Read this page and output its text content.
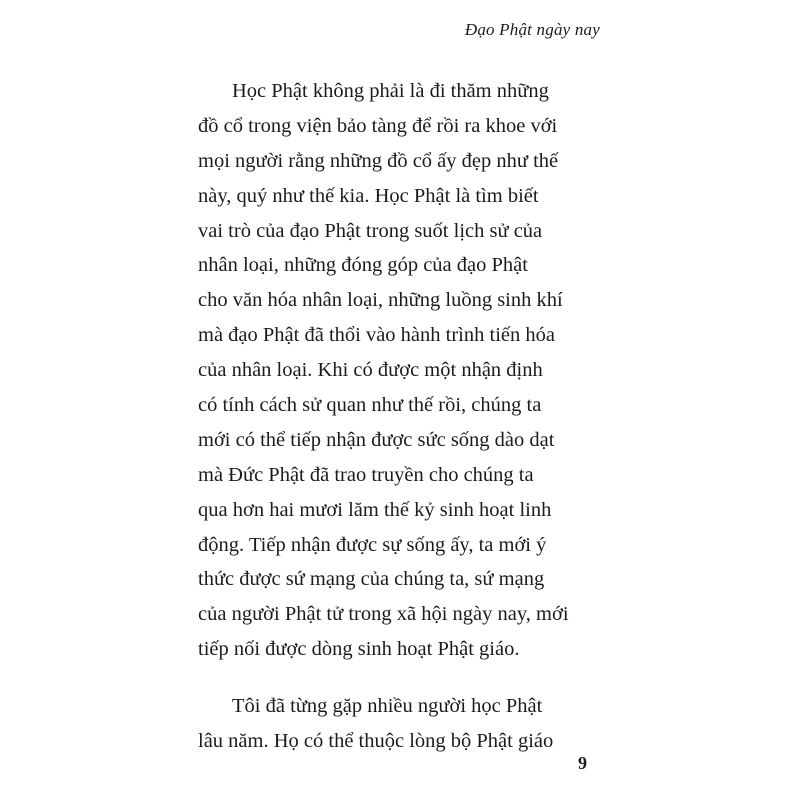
Đạo Phật ngày nay
Học Phật không phải là đi thăm những
đồ cổ trong viện bảo tàng để rồi ra khoe với
mọi người rằng những đồ cổ ấy đẹp như thế
này, quý như thế kia. Học Phật là tìm biết
vai trò của đạo Phật trong suốt lịch sử của
nhân loại, những đóng góp của đạo Phật
cho văn hóa nhân loại, những luồng sinh khí
mà đạo Phật đã thổi vào hành trình tiến hóa
của nhân loại. Khi có được một nhận định
có tính cách sử quan như thế rồi, chúng ta
mới có thể tiếp nhận được sức sống dào dạt
mà Đức Phật đã trao truyền cho chúng ta
qua hơn hai mươi lăm thế kỷ sinh hoạt linh
động. Tiếp nhận được sự sống ấy, ta mới ý
thức được sứ mạng của chúng ta, sứ mạng
của người Phật tử trong xã hội ngày nay, mới
tiếp nối được dòng sinh hoạt Phật giáo.
Tôi đã từng gặp nhiều người học Phật
lâu năm. Họ có thể thuộc lòng bộ Phật giáo
9
